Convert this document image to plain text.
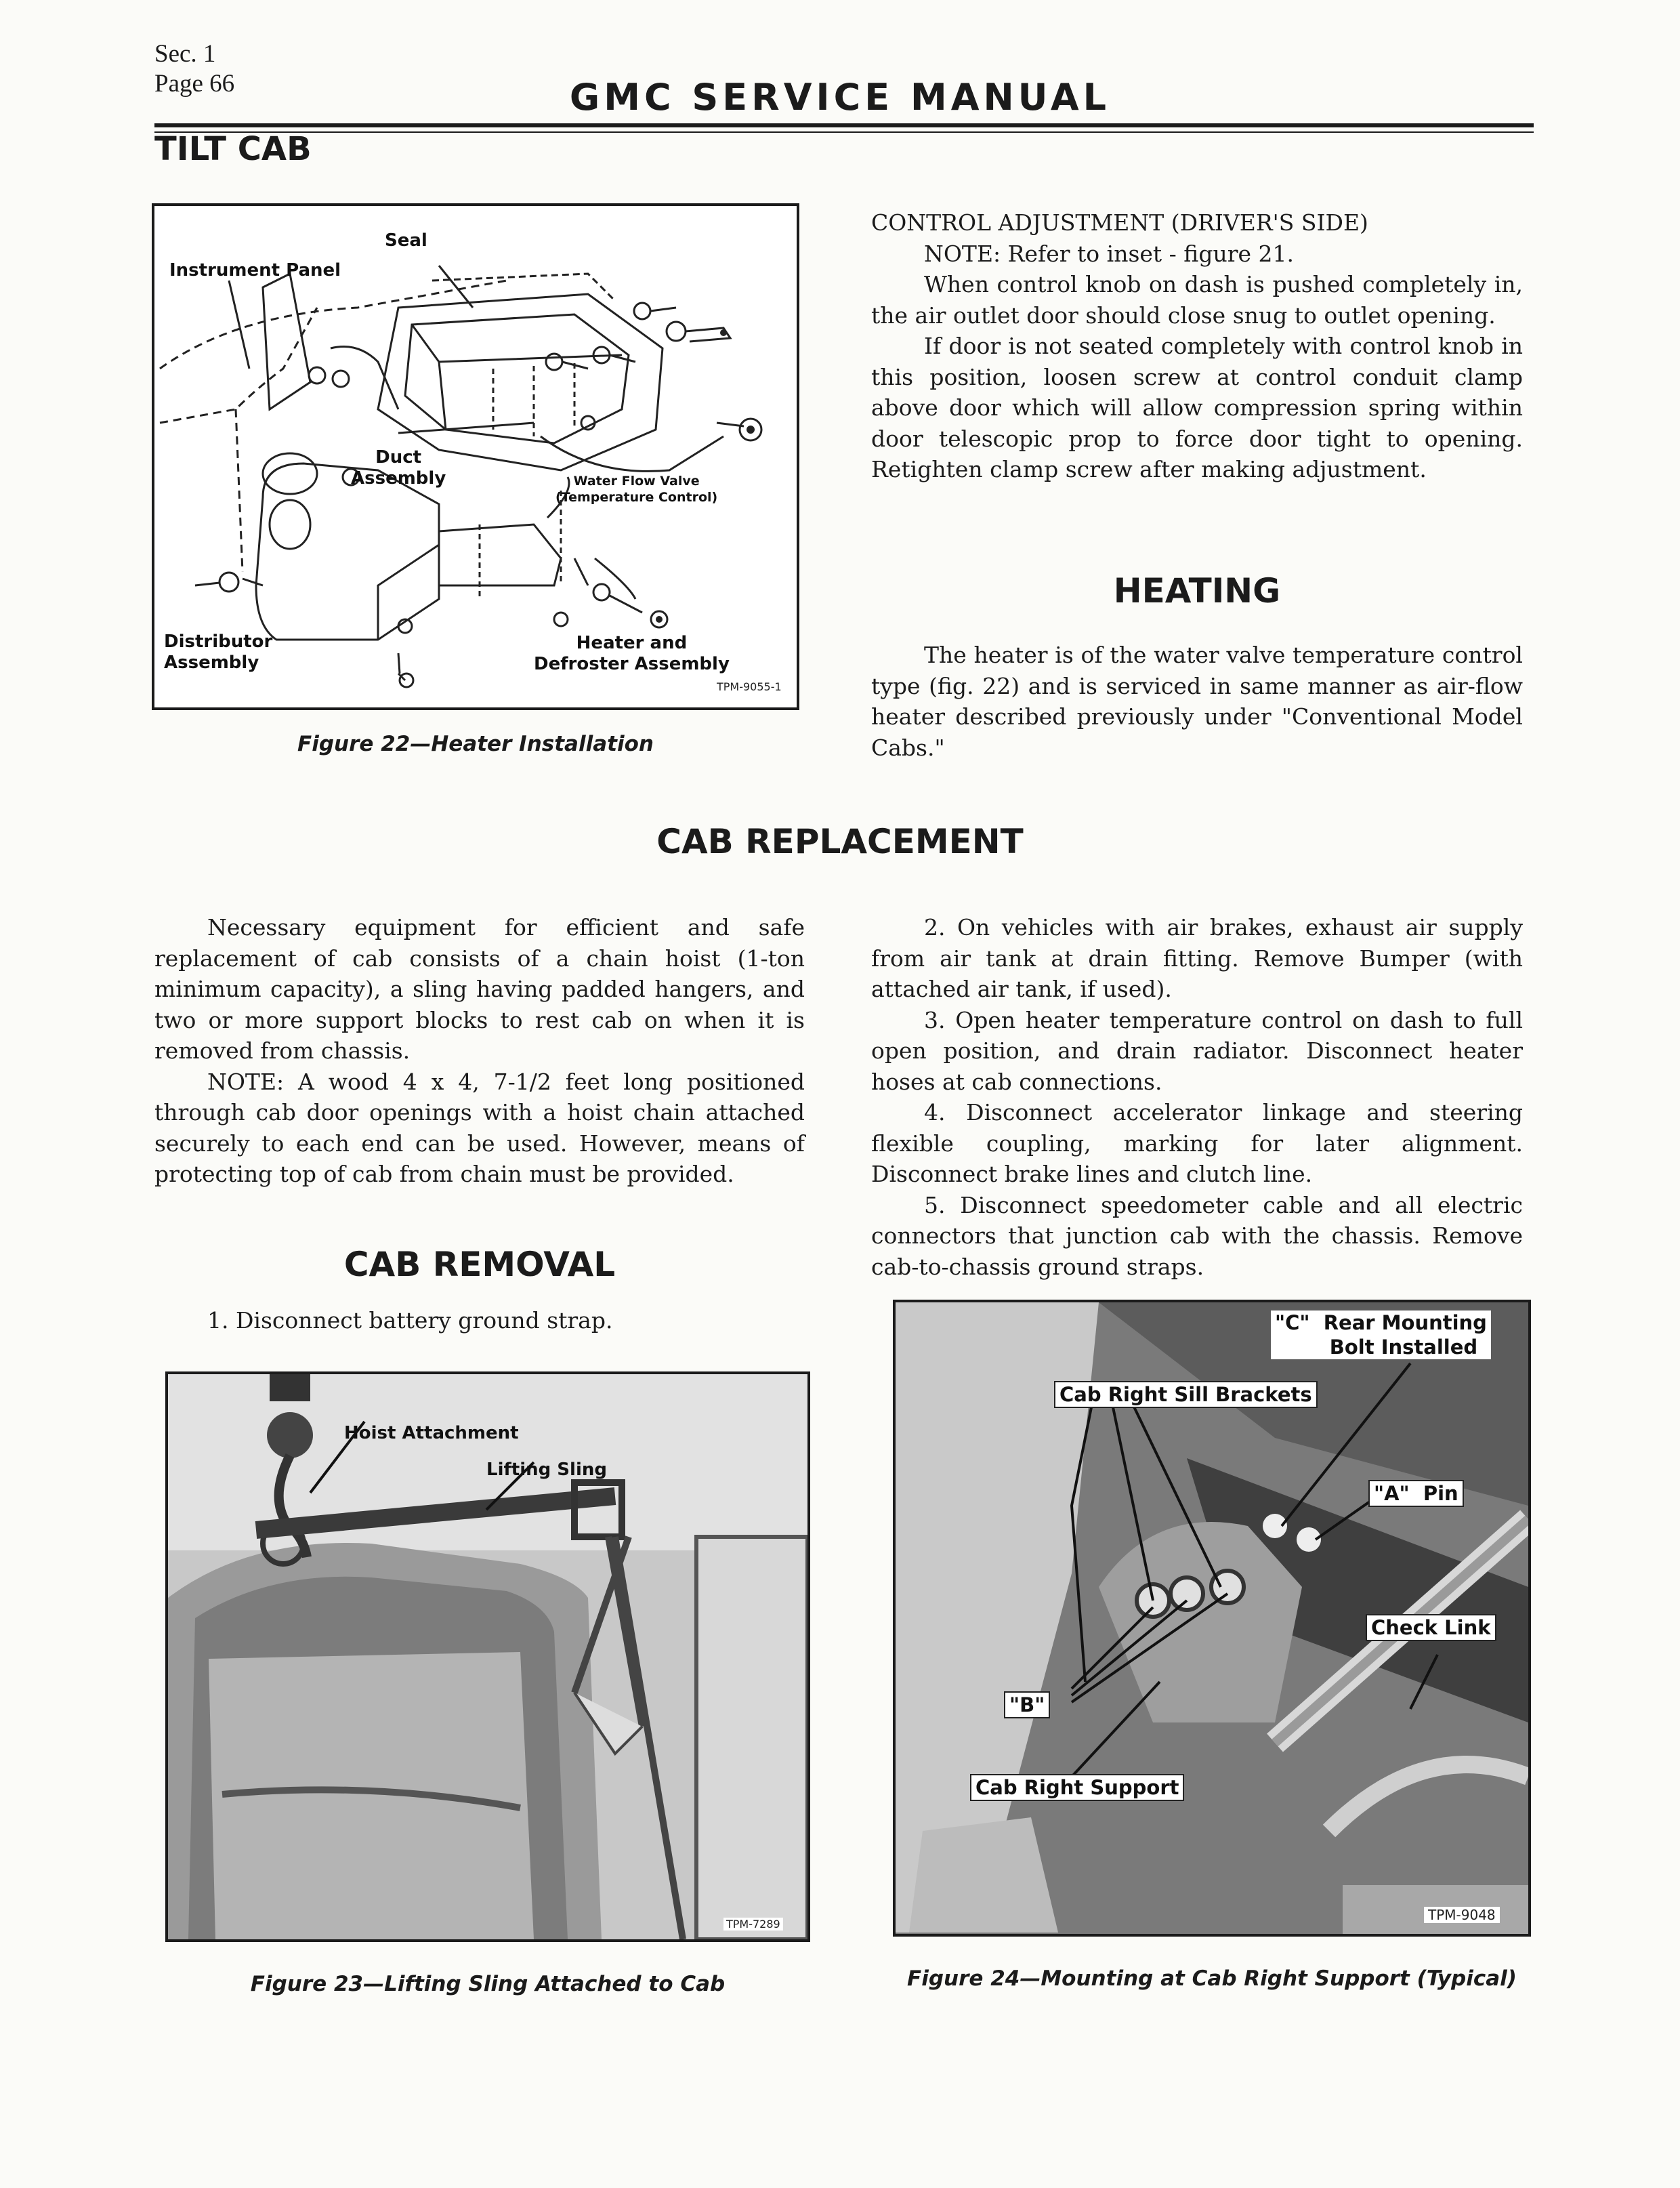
Sec. 1
Page 66	GMC SERVICE MANUAL
TILT CAB
Seal
Instrument Panel
Duct
Assembly	Water Flow Valve
(Temperature Control)
Distributor
Assembly
Heater and
Defroster Assembly
TPM-9055-1
Figure 22—Heater Installation
CONTROL ADJUSTMENT (DRIVER'S SIDE)
NOTE: Refer to inset - figure 21.
When control knob on dash is pushed completely in, the air outlet door should close snug to outlet opening.
If door is not seated completely with control knob in this position, loosen screw at control conduit clamp above door which will allow compression spring within door telescopic prop to force door tight to opening. Retighten clamp screw after making adjustment.
HEATING
The heater is of the water valve temperature control type (fig. 22) and is serviced in same manner as air-flow heater described previously under "Conventional Model Cabs."
CAB REPLACEMENT
Necessary equipment for efficient and safe replacement of cab consists of a chain hoist (1-ton minimum capacity), a sling having padded hangers, and two or more support blocks to rest cab on when it is removed from chassis.
NOTE: A wood 4 x 4, 7-1/2 feet long positioned through cab door openings with a hoist chain attached securely to each end can be used. However, means of protecting top of cab from chain must be provided.
CAB REMOVAL
1. Disconnect battery ground strap.
2. On vehicles with air brakes, exhaust air supply from air tank at drain fitting. Remove Bumper (with attached air tank, if used).
3. Open heater temperature control on dash to full open position, and drain radiator. Disconnect heater hoses at cab connections.
4. Disconnect accelerator linkage and steering flexible coupling, marking for later alignment. Disconnect brake lines and clutch line.
5. Disconnect speedometer cable and all electric connectors that junction cab with the chassis. Remove cab-to-chassis ground straps.
Hoist Attachment
Lifting Sling
TPM-7289
Figure 23—Lifting Sling Attached to Cab
"C"  Rear Mounting
Bolt Installed
Cab Right Sill Brackets
"A"  Pin
Check Link
"B"
Cab Right Support
TPM-9048
Figure 24—Mounting at Cab Right Support (Typical)
